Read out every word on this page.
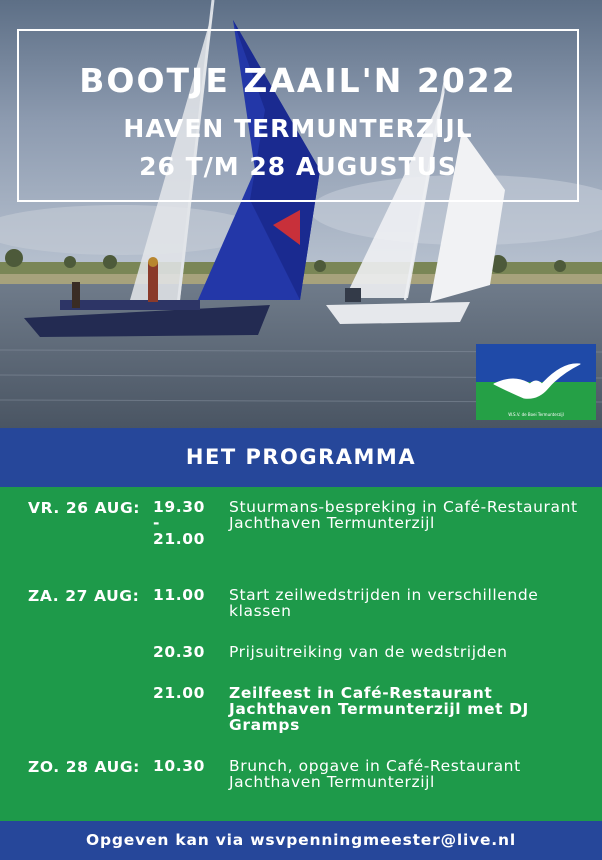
BOOTJE ZAAIL'N 2022
HAVEN TERMUNTERZIJL
26 T/M 28 AUGUSTUS
W.S.V. de Boei Termunterzijl
HET PROGRAMMA
VR. 26 AUG: 19.30
-
21.00
Stuurmans-bespreking in Café-Restaurant Jachthaven Termunterzijl
ZA. 27 AUG: 11.00 Start zeilwedstrijden in verschillende klassen
20.30 Prijsuitreiking van de wedstrijden
21.00 Zeilfeest in Café-Restaurant Jachthaven Termunterzijl met DJ Gramps
ZO. 28 AUG: 10.30 Brunch, opgave in Café-Restaurant Jachthaven Termunterzijl
Opgeven kan via wsvpenningmeester@live.nl
